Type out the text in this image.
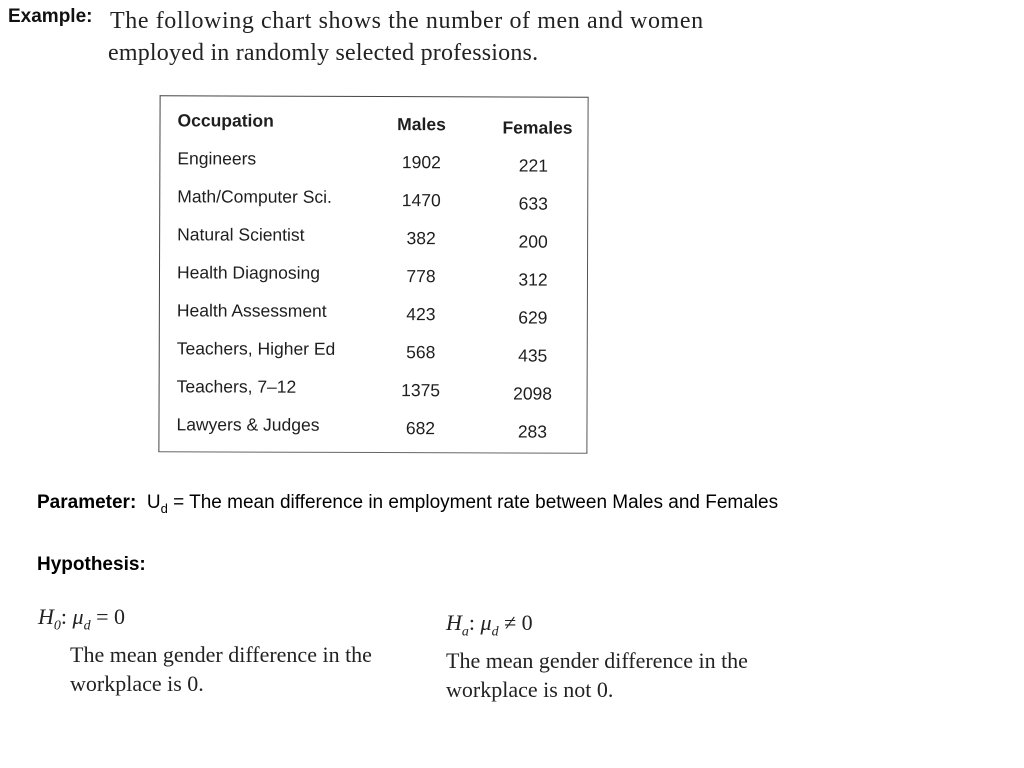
Example: The following chart shows the number of men and women
employed in randomly selected professions.
Occupation	Males	Females
Engineers	1902	221
Math/Computer Sci.	1470	633
Natural Scientist	382	200
Health Diagnosing	778	312
Health Assessment	423	629
Teachers, Higher Ed	568	435
Teachers, 7–12	1375	2098
Lawyers & Judges	682	283
Parameter: $U_d$ = The mean difference in employment rate between Males and Females
Hypothesis:
$H_0$: $\mu_d = 0$
The mean gender difference in the
workplace is 0.
$H_a$: $\mu_d \ne 0$
The mean gender difference in the
workplace is not 0.
